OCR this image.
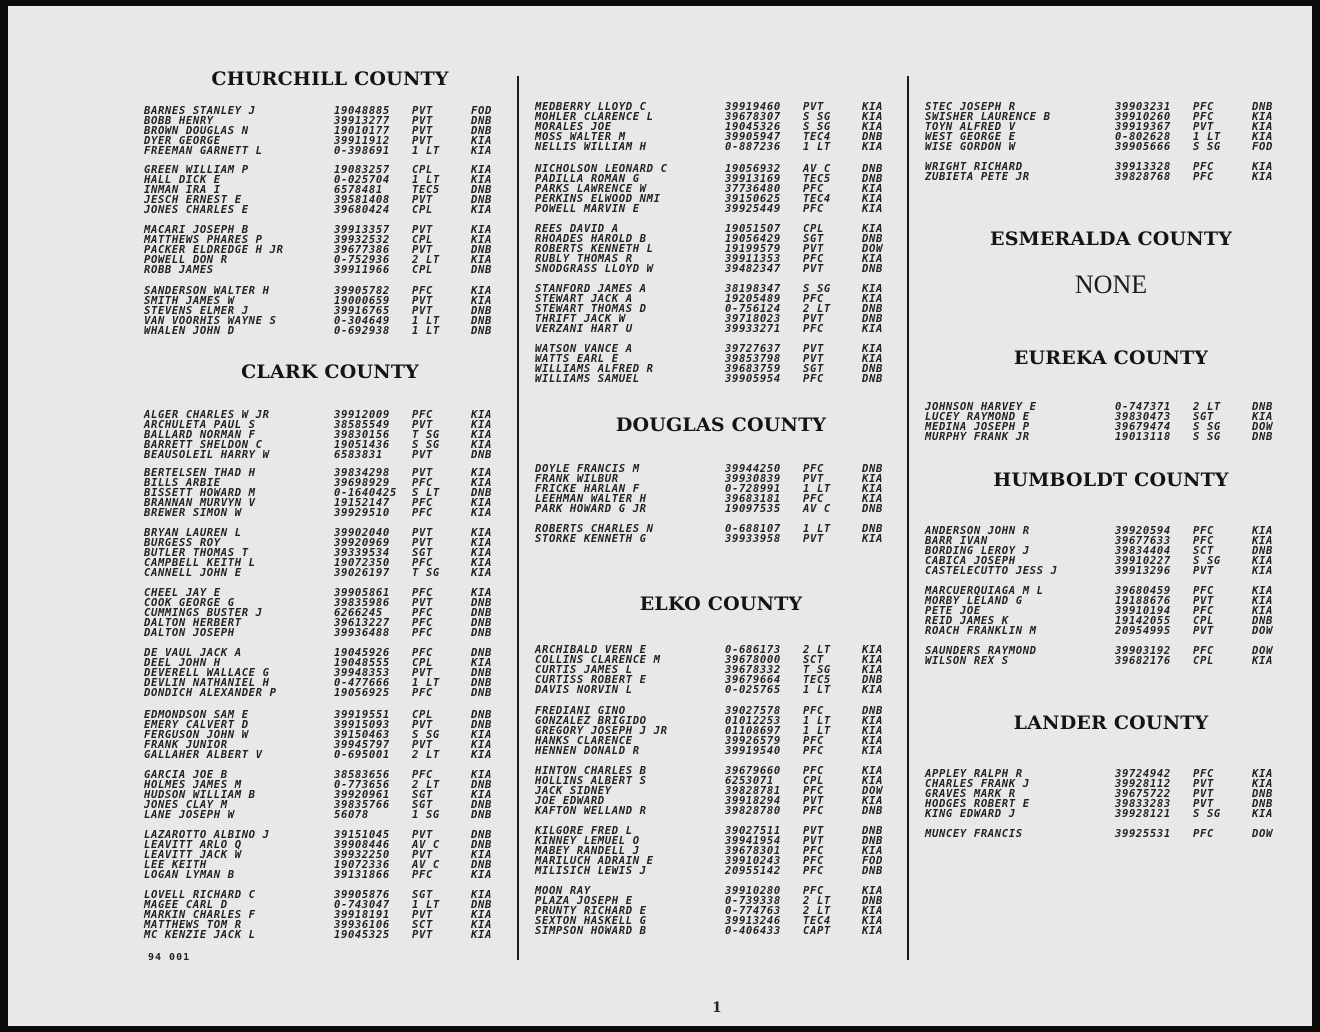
CHURCHILL COUNTY
BARNES STANLEY J	19048885 PVT	FOD
BOBB HENRY	39913277 PVT	DNB
BROWN DOUGLAS N	19010177 PVT	DNB
DYER GEORGE	39911912 PVT	KIA
FREEMAN GARNETT L	0-398691 1 LT	KIA
GREEN WILLIAM P	19083257 CPL	KIA
HALL DICK E	0-025704 1 LT	KIA
INMAN IRA I	6578481	TEC5	DNB
JESCH ERNEST E	39581408 PVT	DNB
JONES CHARLES E	39680424 CPL	KIA
MACARI JOSEPH B	39913357 PVT	KIA
MATTHEWS PHARES P	39932532 CPL	KIA
PACKER ELDREDGE H JR	39677386 PVT	DNB
POWELL DON R	0-752936 2 LT	KIA
ROBB JAMES	39911966 CPL	DNB
SANDERSON WALTER H	39905782 PFC	KIA
SMITH JAMES W	19000659 PVT	KIA
STEVENS ELMER J	39916765 PVT	DNB
VAN VOORHIS WAYNE S	0-304649 1 LT	DNB
WHALEN JOHN D	0-692938 1 LT	DNB
CLARK COUNTY
ALGER CHARLES W JR	39912009 PFC	KIA
ARCHULETA PAUL S	38585549 PVT	KIA
BALLARD NORMAN F	39830156 T SG	KIA
BARRETT SHELDON C	19051436 S SG	KIA
BEAUSOLEIL HARRY W	6583831	PVT	DNB
BERTELSEN THAD H	39834298 PVT	KIA
BILLS ARBIE	39698929 PFC	KIA
BISSETT HOWARD M	0-1640425 S LT	DNB
BRANNAN MURVYN V	19152147 PFC	KIA
BREWER SIMON W	39929510 PFC	KIA
BRYAN LAUREN L	39902040 PVT	KIA
BURGESS ROY	39920969 PVT	KIA
BUTLER THOMAS T	39339534 SGT	KIA
CAMPBELL KEITH L	19072350 PFC	KIA
CANNELL JOHN E	39026197 T SG	KIA
CHEEL JAY E	39905861 PFC	KIA
COOK GEORGE G	39835986 PVT	DNB
CUMMINGS BUSTER J	6266245	PFC	DNB
DALTON HERBERT	39613227 PFC	DNB
DALTON JOSEPH	39936488 PFC	DNB
DE VAUL JACK A	19045926 PFC	DNB
DEEL JOHN H	19048555 CPL	KIA
DEVERELL WALLACE G	39948353 PVT	DNB
DEVLIN NATHANIEL H	0-477666 1 LT	DNB
DONDICH ALEXANDER P	19056925 PFC	DNB
EDMONDSON SAM E	39919551 CPL	DNB
EMERY CALVERT D	39915093 PVT	DNB
FERGUSON JOHN W	39150463 S SG	KIA
FRANK JUNIOR	39945797 PVT	KIA
GALLAHER ALBERT V	0-695001 2 LT	KIA
GARCIA JOE B	38583656 PFC	KIA
HOLMES JAMES M	0-773656 2 LT	DNB
HUDSON WILLIAM B	39920961 SGT	KIA
JONES CLAY M	39835766 SGT	DNB
LANE JOSEPH W	56078	1 SG	DNB
LAZAROTTO ALBINO J	39151045 PVT	DNB
LEAVITT ARLO Q	39908446 AV C	DNB
LEAVITT JACK W	39932250 PVT	KIA
LEE KEITH	19072336 AV C	DNB
LOGAN LYMAN B	39131866 PFC	KIA
LOVELL RICHARD C	39905876 SGT	KIA
MAGEE CARL D	0-743047 1 LT	DNB
MARKIN CHARLES F	39918191 PVT	KIA
MATTHEWS TOM R	39936106 SCT	KIA
MC KENZIE JACK L	19045325 PVT	KIA
MEDBERRY LLOYD C	39919460 PVT	KIA
MOHLER CLARENCE L	39678307 S SG	KIA
MORALES JOE	19045326 S SG	KIA
MOSS WALTER M	39905947 TEC4	DNB
NELLIS WILLIAM H	0-887236 1 LT	KIA
NICHOLSON LEONARD C	19056932 AV C	DNB
PADILLA ROMAN G	39913169 TEC5	DNB
PARKS LAWRENCE W	37736480 PFC	KIA
PERKINS ELWOOD NMI	39150625 TEC4	KIA
POWELL MARVIN E	39925449 PFC	KIA
REES DAVID A	19051507 CPL	KIA
RHOADES HAROLD B	19056429 SGT	DNB
ROBERTS KENNETH L	19199579 PVT	DOW
RUBLY THOMAS R	39911353 PFC	KIA
SNODGRASS LLOYD W	39482347 PVT	DNB
STANFORD JAMES A	38198347 S SG	KIA
STEWART JACK A	19205489 PFC	KIA
STEWART THOMAS D	0-756124 2 LT	DNB
THRIFT JACK W	39718023 PVT	DNB
VERZANI HART U	39933271 PFC	KIA
WATSON VANCE A	39727637 PVT	KIA
WATTS EARL E	39853798 PVT	KIA
WILLIAMS ALFRED R	39683759 SGT	DNB
WILLIAMS SAMUEL	39905954 PFC	DNB
DOUGLAS COUNTY
DOYLE FRANCIS M	39944250 PFC	DNB
FRANK WILBUR	39930839 PVT	KIA
FRICKE HARLAN F	0-728991 1 LT	KIA
LEEHMAN WALTER H	39683181 PFC	KIA
PARK HOWARD G JR	19097535 AV C	DNB
ROBERTS CHARLES N	0-688107 1 LT	DNB
STORKE KENNETH G	39933958 PVT	KIA
ELKO COUNTY
ARCHIBALD VERN E	0-686173 2 LT	KIA
COLLINS CLARENCE M	39678000 SCT	KIA
CURTIS JAMES L	39678332 T SG	KIA
CURTISS ROBERT E	39679664 TEC5	DNB
DAVIS NORVIN L	0-025765 1 LT	KIA
FREDIANI GINO	39027578 PFC	DNB
GONZALEZ BRIGIDO	01012253 1 LT	KIA
GREGORY JOSEPH J JR	01108697 1 LT	KIA
HANKS CLARENCE	39926579 PFC	KIA
HENNEN DONALD R	39919540 PFC	KIA
HINTON CHARLES B	39679660 PFC	KIA
HOLLINS ALBERT S	6253071	CPL	KIA
JACK SIDNEY	39828781 PFC	DOW
JOE EDWARD	39918294 PVT	KIA
KAFTON WELLAND R	39828780 PFC	DNB
KILGORE FRED L	39027511 PVT	DNB
KINNEY LEMUEL O	39941954 PVT	DNB
MABEY RANDELL J	39678301 PFC	KIA
MARILUCH ADRAIN E	39910243 PFC	FOD
MILISICH LEWIS J	20955142 PFC	DNB
MOON RAY	39910280 PFC	KIA
PLAZA JOSEPH E	0-739338 2 LT	DNB
PRUNTY RICHARD E	0-774763 2 LT	KIA
SEXTON HASKELL G	39913246 TEC4	KIA
SIMPSON HOWARD B	0-406433 CAPT	KIA
STEC JOSEPH R	39903231 PFC	DNB
SWISHER LAURENCE B	39910260 PFC	KIA
TOYN ALFRED V	39919367 PVT	KIA
WEST GEORGE E	0-802628 1 LT	KIA
WISE GORDON W	39905666 S SG	FOD
WRIGHT RICHARD	39913328 PFC	KIA
ZUBIETA PETE JR	39828768 PFC	KIA
ESMERALDA COUNTY
NONE
EUREKA COUNTY
JOHNSON HARVEY E	0-747371 2 LT	DNB
LUCEY RAYMOND E	39830473 SGT	KIA
MEDINA JOSEPH P	39679474 S SG	DOW
MURPHY FRANK JR	19013118 S SG	DNB
HUMBOLDT COUNTY
ANDERSON JOHN R	39920594 PFC	KIA
BARR IVAN	39677633 PFC	KIA
BORDING LEROY J	39834404 SCT	DNB
CABICA JOSEPH	39910227 S SG	KIA
CASTELECUTTO JESS J	39913296 PVT	KIA
MARCUERQUIAGA M L	39680459 PFC	KIA
MORBY LELAND G	19188676 PVT	KIA
PETE JOE	39910194 PFC	KIA
REID JAMES K	19142055 CPL	DNB
ROACH FRANKLIN M	20954995 PVT	DOW
SAUNDERS RAYMOND	39903192 PFC	DOW
WILSON REX S	39682176 CPL	KIA
LANDER COUNTY
APPLEY RALPH R	39724942 PFC	KIA
CHARLES FRANK J	39928112 PVT	KIA
GRAVES MARK R	39675722 PVT	DNB
HODGES ROBERT E	39833283 PVT	DNB
KING EDWARD J	39928121 S SG	KIA
MUNCEY FRANCIS	39925531 PFC	DOW
94 001
1
